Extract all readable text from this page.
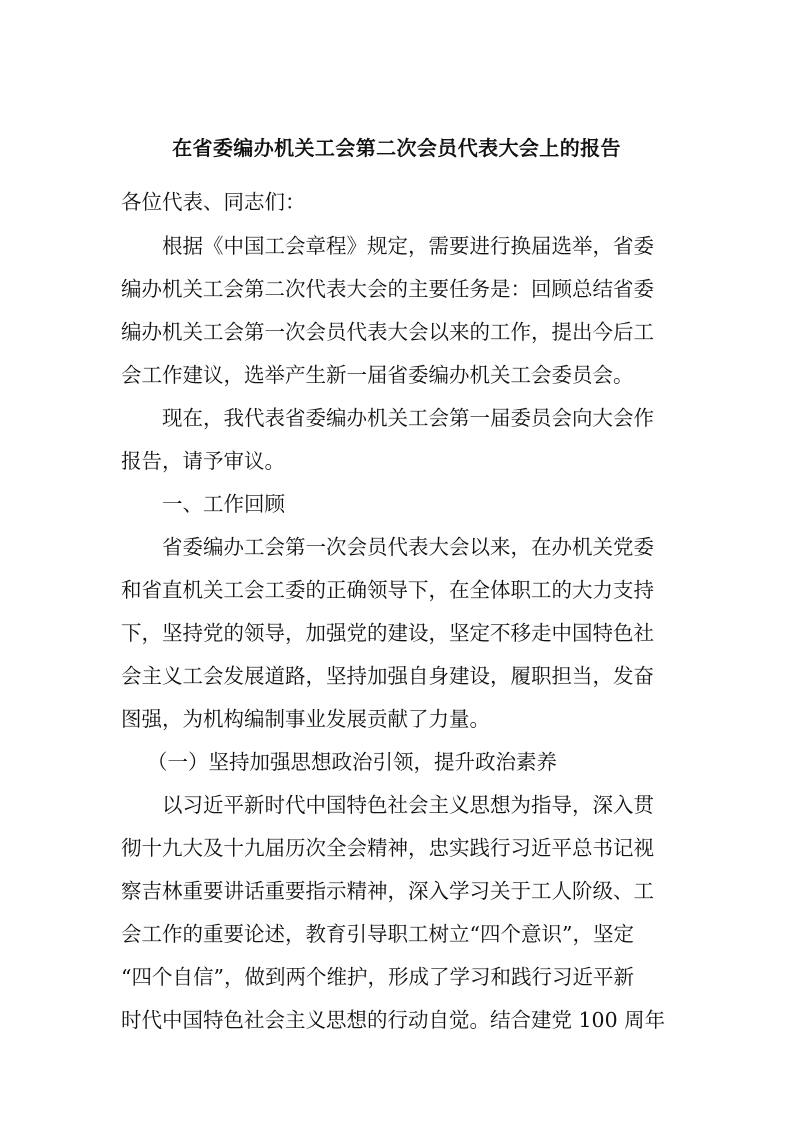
在省委编办机关工会第二次会员代表大会上的报告
各位代表、同志们：
根据《中国工会章程》规定，需要进行换届选举，省委
编办机关工会第二次代表大会的主要任务是：回顾总结省委
编办机关工会第一次会员代表大会以来的工作，提出今后工
会工作建议，选举产生新一届省委编办机关工会委员会。
现在，我代表省委编办机关工会第一届委员会向大会作
报告，请予审议。
一、工作回顾
省委编办工会第一次会员代表大会以来，在办机关党委
和省直机关工会工委的正确领导下，在全体职工的大力支持
下，坚持党的领导，加强党的建设，坚定不移走中国特色社
会主义工会发展道路，坚持加强自身建设，履职担当，发奋
图强，为机构编制事业发展贡献了力量。
（一）坚持加强思想政治引领，提升政治素养
以习近平新时代中国特色社会主义思想为指导，深入贯
彻十九大及十九届历次全会精神，忠实践行习近平总书记视
察吉林重要讲话重要指示精神，深入学习关于工人阶级、工
会工作的重要论述，教育引导职工树立“四个意识”，坚定
“四个自信”，做到两个维护，形成了学习和践行习近平新
时代中国特色社会主义思想的行动自觉。结合建党 100 周年
